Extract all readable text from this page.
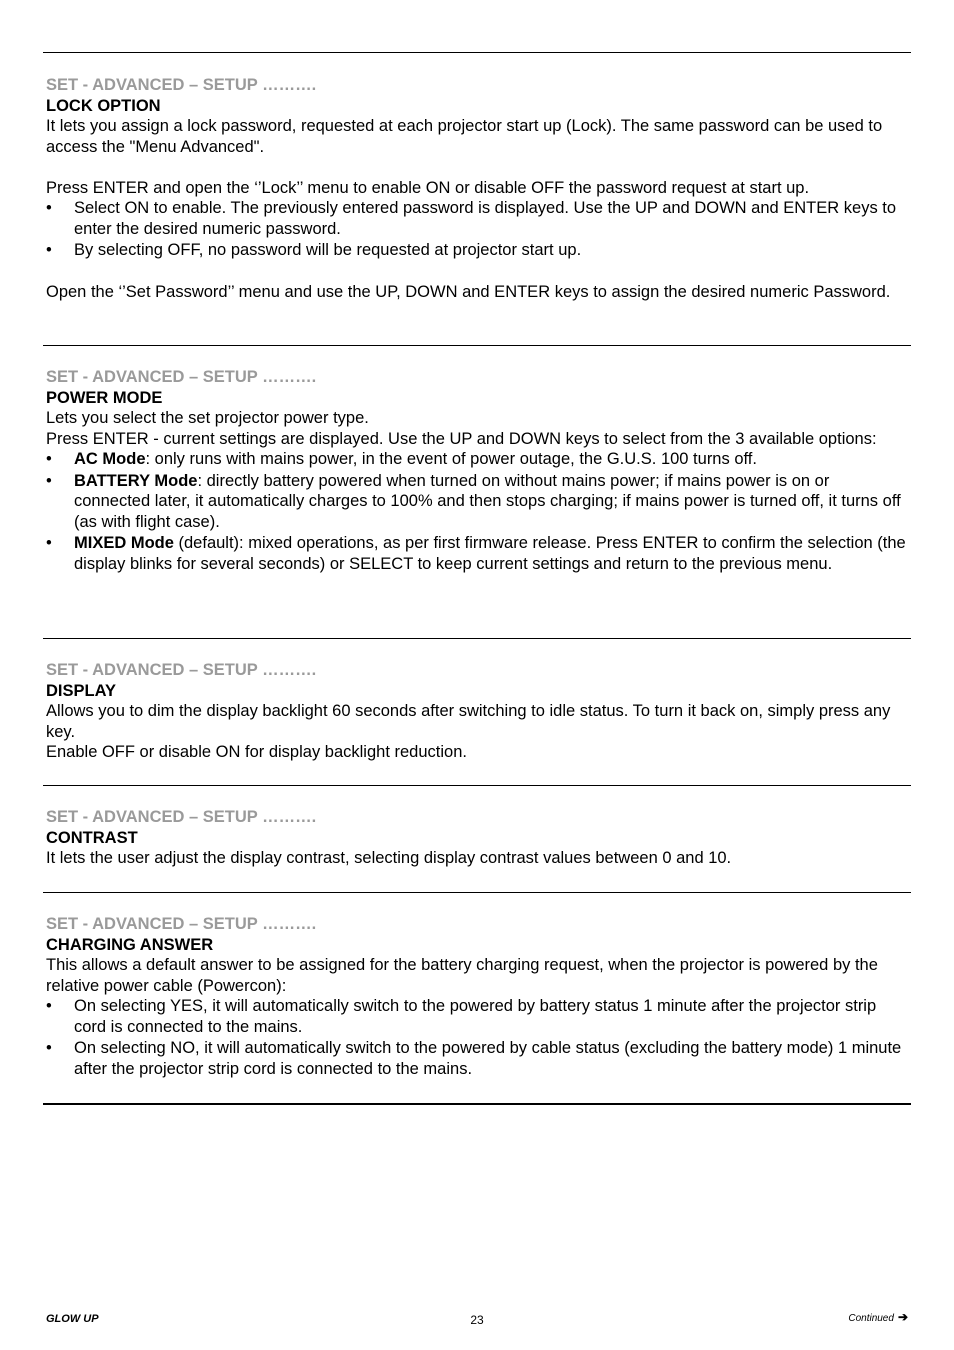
SET - ADVANCED – SETUP ……….
LOCK OPTION

It lets you assign a lock password, requested at each projector start up (Lock). The same password can be used to access the "Menu Advanced".

Press ENTER and open the ‘’Lock’’ menu to enable ON or disable OFF the password request at start up.

• Select ON to enable. The previously entered password is displayed. Use the UP and DOWN and ENTER keys to enter the desired numeric password.
• By selecting OFF, no password will be requested at projector start up.

Open the ‘’Set Password’’ menu and use the UP, DOWN and ENTER keys to assign the desired numeric Password.

SET - ADVANCED – SETUP ……….
POWER MODE

Lets you select the set projector power type.

Press ENTER - current settings are displayed. Use the UP and DOWN keys to select from the 3 available options:

• AC Mode: only runs with mains power, in the event of power outage, the G.U.S. 100 turns off.
• BATTERY Mode: directly battery powered when turned on without mains power; if mains power is on or connected later, it automatically charges to 100% and then stops charging; if mains power is turned off, it turns off (as with flight case).
• MIXED Mode (default): mixed operations, as per first firmware release. Press ENTER to confirm the selection (the display blinks for several seconds) or SELECT to keep current settings and return to the previous menu.
SET - ADVANCED – SETUP ……….
DISPLAY

Allows you to dim the display backlight 60 seconds after switching to idle status. To turn it back on, simply press any key.

Enable OFF or disable ON for display backlight reduction.

SET - ADVANCED – SETUP ……….
CONTRAST

It lets the user adjust the display contrast, selecting display contrast values between 0 and 10.

SET - ADVANCED – SETUP ……….
CHARGING ANSWER

This allows a default answer to be assigned for the battery charging request, when the projector is powered by the relative power cable (Powercon):

• On selecting YES, it will automatically switch to the powered by battery status 1 minute after the projector strip cord is connected to the mains.
• On selecting NO, it will automatically switch to the powered by cable status (excluding the battery mode) 1 minute after the projector strip cord is connected to the mains.
GLOW UP	23	Continued ➔
